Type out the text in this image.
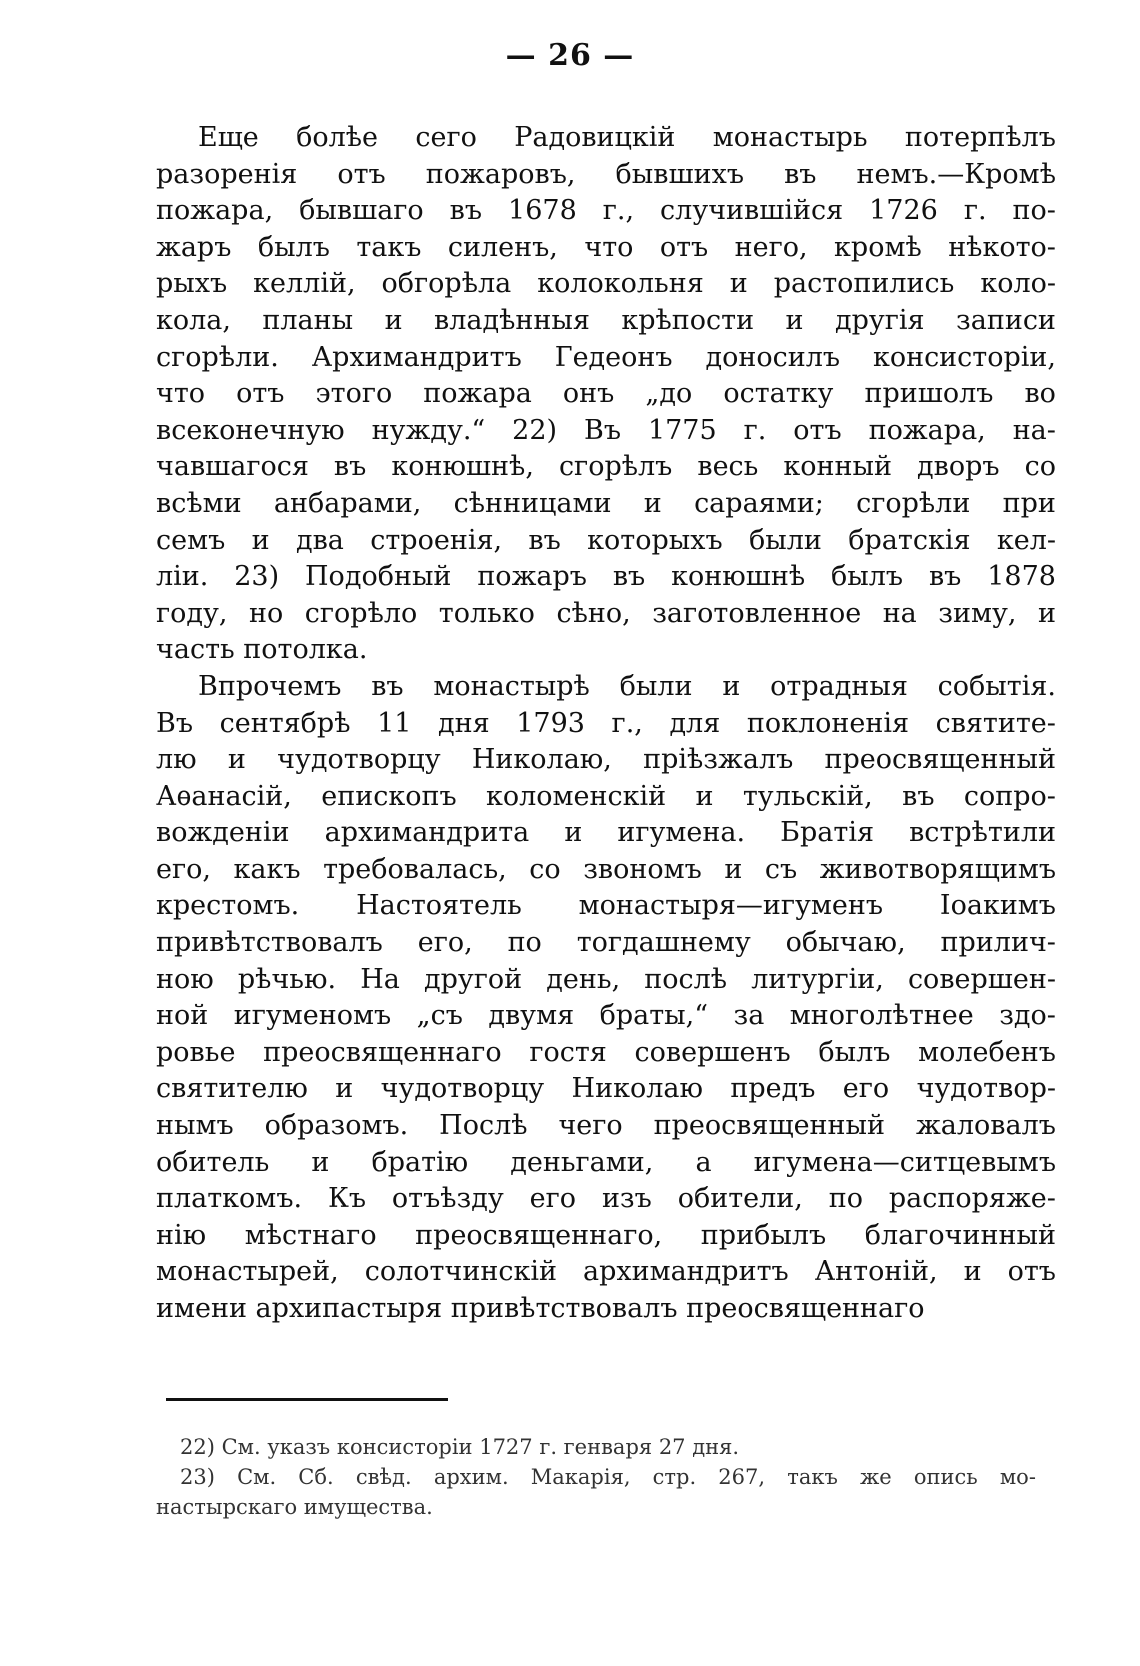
— 26 —
Еще болѣе сего Радовицкій монастырь потерпѣлъ
разоренія отъ пожаровъ, бывшихъ въ немъ.—Кромѣ
пожара, бывшаго въ 1678 г., случившійся 1726 г. по-
жаръ былъ такъ силенъ, что отъ него, кромѣ нѣкото-
рыхъ келлій, обгорѣла колокольня и растопились коло-
кола, планы и владѣнныя крѣпости и другія записи
сгорѣли. Архимандритъ Гедеонъ доносилъ консисторіи,
что отъ этого пожара онъ „до остатку пришолъ во
всеконечную нужду.“ 22) Въ 1775 г. отъ пожара, на-
чавшагося въ конюшнѣ, сгорѣлъ весь конный дворъ со
всѣми анбарами, сѣнницами и сараями; сгорѣли при
семъ и два строенія, въ которыхъ были братскія кел-
ліи. 23) Подобный пожаръ въ конюшнѣ былъ въ 1878
году, но сгорѣло только сѣно, заготовленное на зиму, и
часть потолка.
Впрочемъ въ монастырѣ были и отрадныя событія.
Въ сентябрѣ 11 дня 1793 г., для поклоненія святите-
лю и чудотворцу Николаю, пріѣзжалъ преосвященный
Аѳанасій, епископъ коломенскій и тульскій, въ сопро-
вожденіи архимандрита и игумена. Братія встрѣтили
его, какъ требовалась, со звономъ и съ животворящимъ
крестомъ. Настоятель монастыря—игуменъ Іоакимъ
привѣтствовалъ его, по тогдашнему обычаю, прилич-
ною рѣчью. На другой день, послѣ литургіи, совершен-
ной игуменомъ „съ двумя браты,“ за многолѣтнее здо-
ровье преосвященнаго гостя совершенъ былъ молебенъ
святителю и чудотворцу Николаю предъ его чудотвор-
нымъ образомъ. Послѣ чего преосвященный жаловалъ
обитель и братію деньгами, а игумена—ситцевымъ
платкомъ. Къ отъѣзду его изъ обители, по распоряже-
нію мѣстнаго преосвященнаго, прибылъ благочинный
монастырей, солотчинскій архимандритъ Антоній, и отъ
имени архипастыря привѣтствовалъ преосвященнаго
22) См. указъ консисторіи 1727 г. генваря 27 дня.
23) См. Сб. свѣд. архим. Макарія, стр. 267, такъ же опись мо-
настырскаго имущества.
